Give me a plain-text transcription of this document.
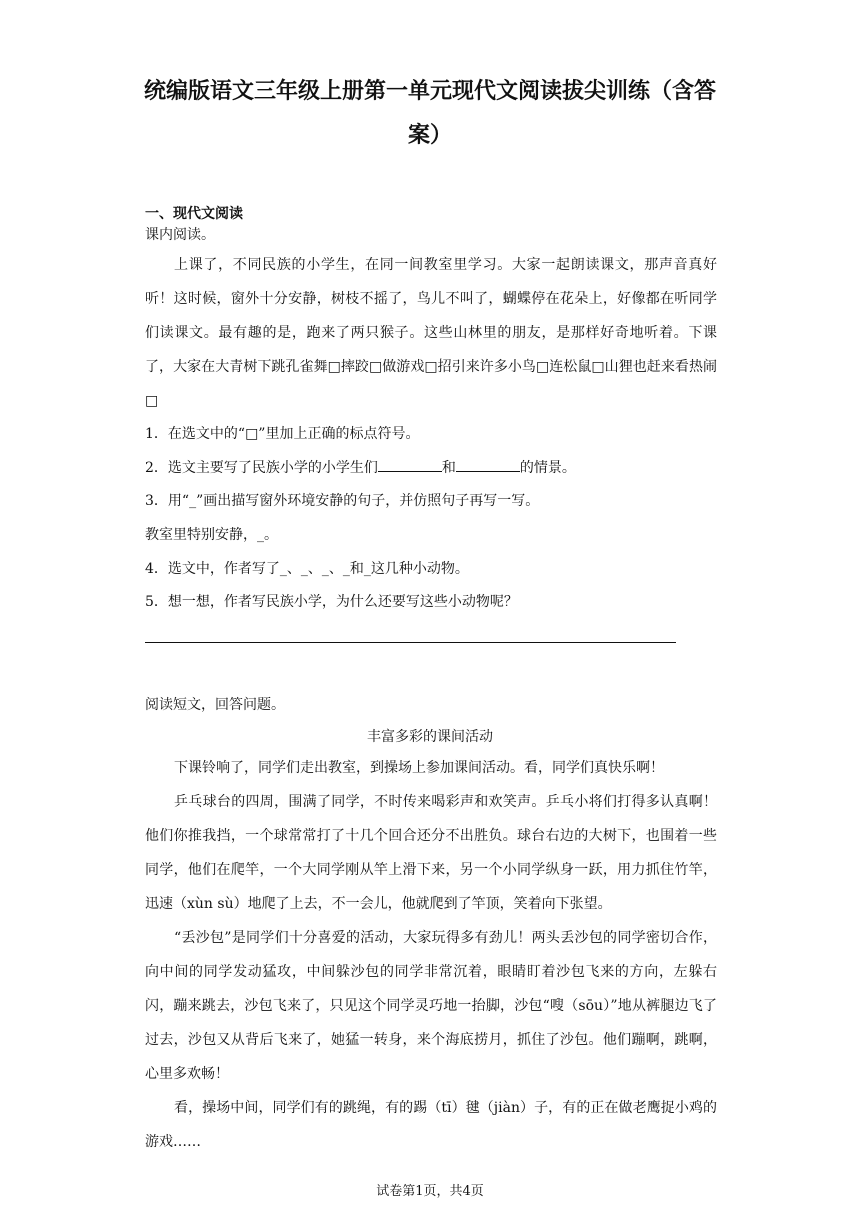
统编版语文三年级上册第一单元现代文阅读拔尖训练（含答
案）
一、现代文阅读
课内阅读。
上课了，不同民族的小学生，在同一间教室里学习。大家一起朗读课文，那声音真好听！这时候，窗外十分安静，树枝不摇了，鸟儿不叫了，蝴蝶停在花朵上，好像都在听同学们读课文。最有趣的是，跑来了两只猴子。这些山林里的朋友，是那样好奇地听着。下课了，大家在大青树下跳孔雀舞□摔跤□做游戏□招引来许多小鸟□连松鼠□山狸也赶来看热闹□
1．在选文中的“□”里加上正确的标点符号。
2．选文主要写了民族小学的小学生们	和	的情景。
3．用“_”画出描写窗外环境安静的句子，并仿照句子再写一写。
教室里特别安静，_。
4．选文中，作者写了_、_、_、_和_这几种小动物。
5．想一想，作者写民族小学，为什么还要写这些小动物呢？
阅读短文，回答问题。
丰富多彩的课间活动
下课铃响了，同学们走出教室，到操场上参加课间活动。看，同学们真快乐啊！
乒乓球台的四周，围满了同学，不时传来喝彩声和欢笑声。乒乓小将们打得多认真啊！他们你推我挡，一个球常常打了十几个回合还分不出胜负。球台右边的大树下，也围着一些同学，他们在爬竿，一个大同学刚从竿上滑下来，另一个小同学纵身一跃，用力抓住竹竿，迅速（xùn sù）地爬了上去，不一会儿，他就爬到了竿顶，笑着向下张望。
“丢沙包”是同学们十分喜爱的活动，大家玩得多有劲儿！两头丢沙包的同学密切合作，向中间的同学发动猛攻，中间躲沙包的同学非常沉着，眼睛盯着沙包飞来的方向，左躲右闪，蹦来跳去，沙包飞来了，只见这个同学灵巧地一抬脚，沙包“嗖（sōu）”地从裤腿边飞了过去，沙包又从背后飞来了，她猛一转身，来个海底捞月，抓住了沙包。他们蹦啊，跳啊，心里多欢畅！
看，操场中间，同学们有的跳绳，有的踢（tī）毽（jiàn）子，有的正在做老鹰捉小鸡的游戏……
试卷第1页，共4页
